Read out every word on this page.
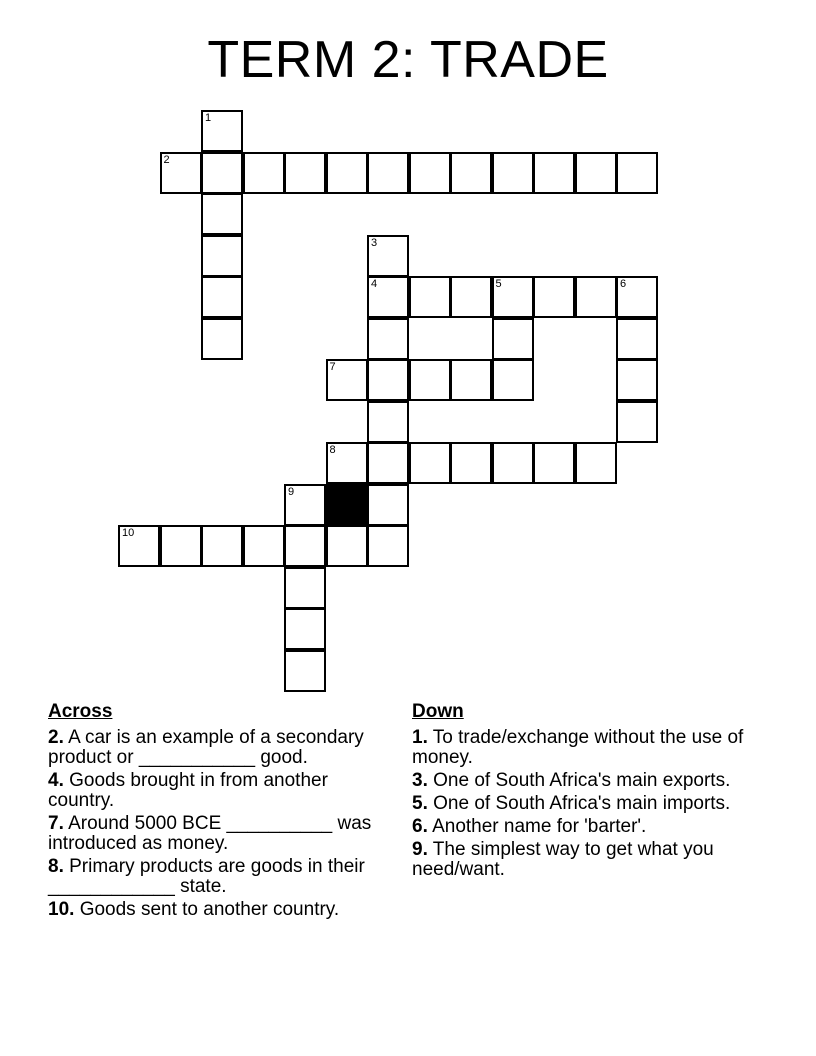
TERM 2: TRADE
1
2
3
4	5	6
7
8
9
10
Across
2. A car is an example of a secondary product or ___________ good.
4. Goods brought in from another country.
7. Around 5000 BCE __________ was introduced as money.
8. Primary products are goods in their ____________ state.
10. Goods sent to another country.
Down
1. To trade/exchange without the use of money.
3. One of South Africa's main exports.
5. One of South Africa's main imports.
6. Another name for 'barter'.
9. The simplest way to get what you need/want.
